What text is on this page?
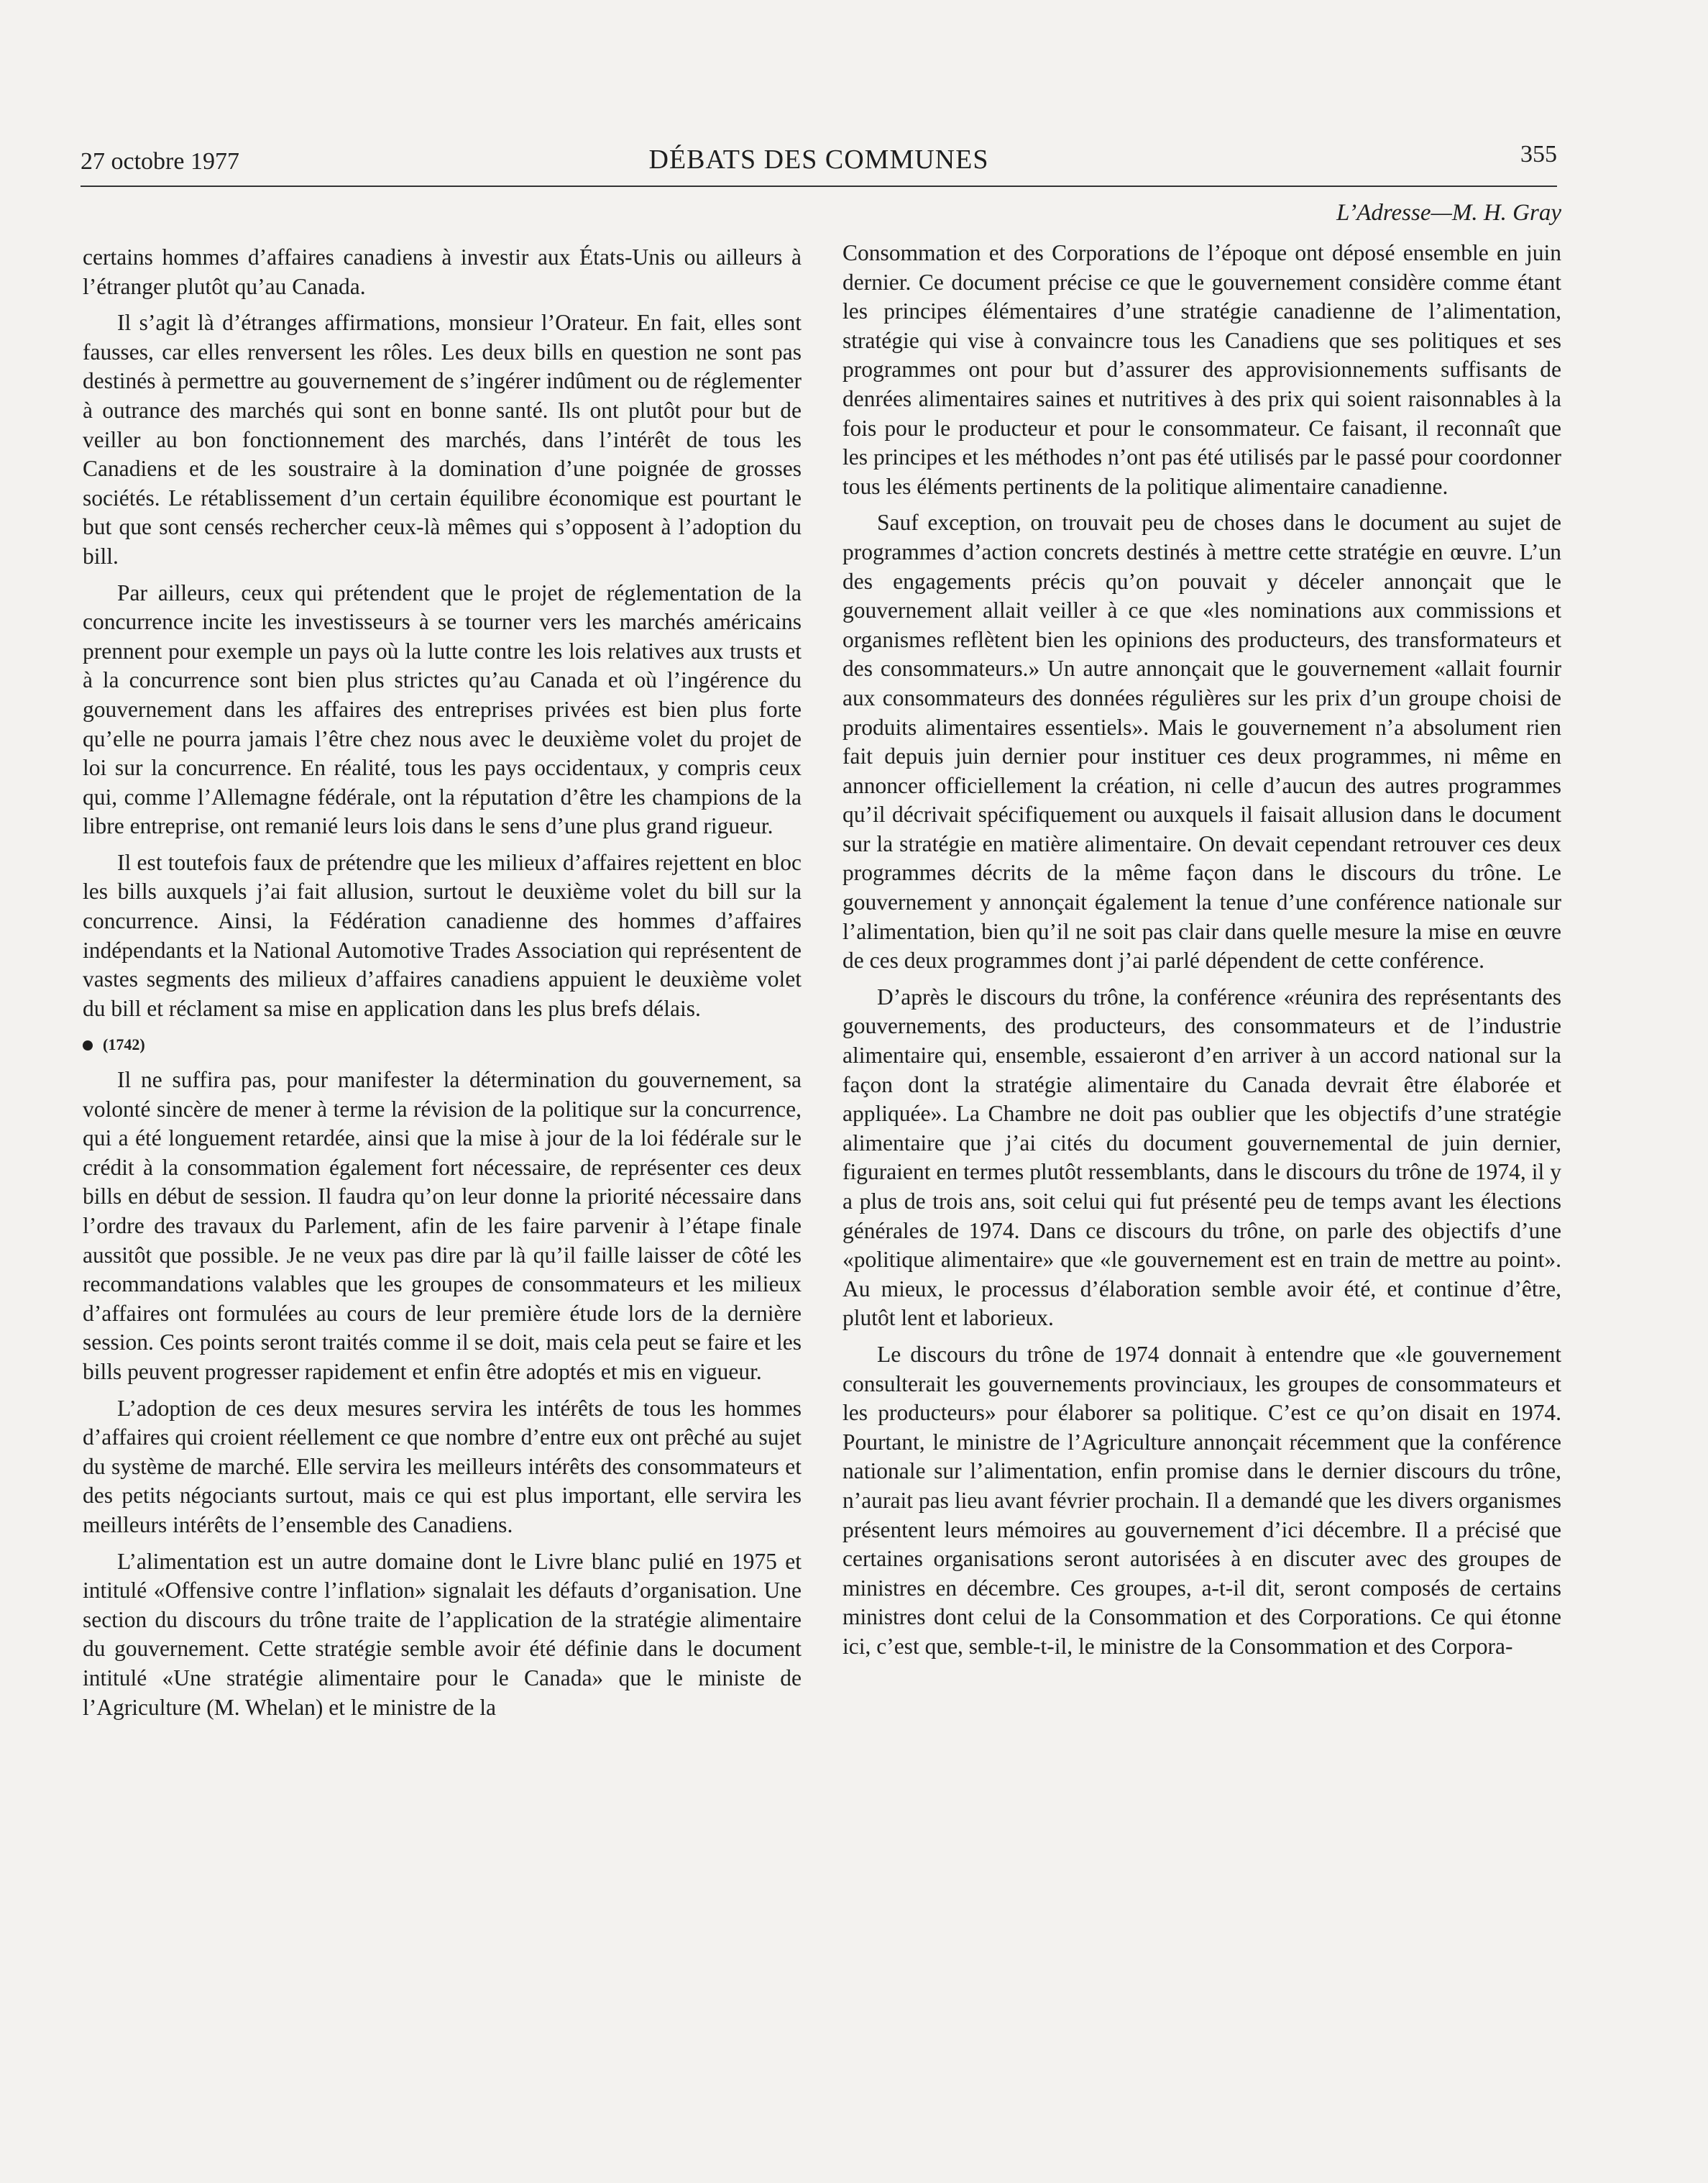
27 octobre 1977	DÉBATS DES COMMUNES	355
L’Adresse—M. H. Gray

certains hommes d’affaires canadiens à investir aux États-Unis ou ailleurs à l’étranger plutôt qu’au Canada.

Il s’agit là d’étranges affirmations, monsieur l’Orateur. En fait, elles sont fausses, car elles renversent les rôles. Les deux bills en question ne sont pas destinés à permettre au gouvernement de s’ingérer indûment ou de réglementer à outrance des marchés qui sont en bonne santé. Ils ont plutôt pour but de veiller au bon fonctionnement des marchés, dans l’intérêt de tous les Canadiens et de les soustraire à la domination d’une poignée de grosses sociétés. Le rétablissement d’un certain équilibre économique est pourtant le but que sont censés rechercher ceux-là mêmes qui s’opposent à l’adoption du bill.

Par ailleurs, ceux qui prétendent que le projet de réglementation de la concurrence incite les investisseurs à se tourner vers les marchés américains prennent pour exemple un pays où la lutte contre les lois relatives aux trusts et à la concurrence sont bien plus strictes qu’au Canada et où l’ingérence du gouvernement dans les affaires des entreprises privées est bien plus forte qu’elle ne pourra jamais l’être chez nous avec le deuxième volet du projet de loi sur la concurrence. En réalité, tous les pays occidentaux, y compris ceux qui, comme l’Allemagne fédérale, ont la réputation d’être les champions de la libre entreprise, ont remanié leurs lois dans le sens d’une plus grand rigueur.

Il est toutefois faux de prétendre que les milieux d’affaires rejettent en bloc les bills auxquels j’ai fait allusion, surtout le deuxième volet du bill sur la concurrence. Ainsi, la Fédération canadienne des hommes d’affaires indépendants et la National Automotive Trades Association qui représentent de vastes segments des milieux d’affaires canadiens appuient le deuxième volet du bill et réclament sa mise en application dans les plus brefs délais.

(1742)

Il ne suffira pas, pour manifester la détermination du gouvernement, sa volonté sincère de mener à terme la révision de la politique sur la concurrence, qui a été longuement retardée, ainsi que la mise à jour de la loi fédérale sur le crédit à la consommation également fort nécessaire, de représenter ces deux bills en début de session. Il faudra qu’on leur donne la priorité nécessaire dans l’ordre des travaux du Parlement, afin de les faire parvenir à l’étape finale aussitôt que possible. Je ne veux pas dire par là qu’il faille laisser de côté les recommandations valables que les groupes de consommateurs et les milieux d’affaires ont formulées au cours de leur première étude lors de la dernière session. Ces points seront traités comme il se doit, mais cela peut se faire et les bills peuvent progresser rapidement et enfin être adoptés et mis en vigueur.

L’adoption de ces deux mesures servira les intérêts de tous les hommes d’affaires qui croient réellement ce que nombre d’entre eux ont prêché au sujet du système de marché. Elle servira les meilleurs intérêts des consommateurs et des petits négociants surtout, mais ce qui est plus important, elle servira les meilleurs intérêts de l’ensemble des Canadiens.

L’alimentation est un autre domaine dont le Livre blanc pulié en 1975 et intitulé «Offensive contre l’inflation» signalait les défauts d’organisation. Une section du discours du trône traite de l’application de la stratégie alimentaire du gouvernement. Cette stratégie semble avoir été définie dans le document intitulé «Une stratégie alimentaire pour le Canada» que le ministe de l’Agriculture (M. Whelan) et le ministre de la

Consommation et des Corporations de l’époque ont déposé ensemble en juin dernier. Ce document précise ce que le gouvernement considère comme étant les principes élémentaires d’une stratégie canadienne de l’alimentation, stratégie qui vise à convaincre tous les Canadiens que ses politiques et ses programmes ont pour but d’assurer des approvisionnements suffisants de denrées alimentaires saines et nutritives à des prix qui soient raisonnables à la fois pour le producteur et pour le consommateur. Ce faisant, il reconnaît que les principes et les méthodes n’ont pas été utilisés par le passé pour coordonner tous les éléments pertinents de la politique alimentaire canadienne.

Sauf exception, on trouvait peu de choses dans le document au sujet de programmes d’action concrets destinés à mettre cette stratégie en œuvre. L’un des engagements précis qu’on pouvait y déceler annonçait que le gouvernement allait veiller à ce que «les nominations aux commissions et organismes reflètent bien les opinions des producteurs, des transformateurs et des consommateurs.» Un autre annonçait que le gouvernement «allait fournir aux consommateurs des données régulières sur les prix d’un groupe choisi de produits alimentaires essentiels». Mais le gouvernement n’a absolument rien fait depuis juin dernier pour instituer ces deux programmes, ni même en annoncer officiellement la création, ni celle d’aucun des autres programmes qu’il décrivait spécifiquement ou auxquels il faisait allusion dans le document sur la stratégie en matière alimentaire. On devait cependant retrouver ces deux programmes décrits de la même façon dans le discours du trône. Le gouvernement y annonçait également la tenue d’une conférence nationale sur l’alimentation, bien qu’il ne soit pas clair dans quelle mesure la mise en œuvre de ces deux programmes dont j’ai parlé dépendent de cette conférence.

D’après le discours du trône, la conférence «réunira des représentants des gouvernements, des producteurs, des consommateurs et de l’industrie alimentaire qui, ensemble, essaieront d’en arriver à un accord national sur la façon dont la stratégie alimentaire du Canada devrait être élaborée et appliquée». La Chambre ne doit pas oublier que les objectifs d’une stratégie alimentaire que j’ai cités du document gouvernemental de juin dernier, figuraient en termes plutôt ressemblants, dans le discours du trône de 1974, il y a plus de trois ans, soit celui qui fut présenté peu de temps avant les élections générales de 1974. Dans ce discours du trône, on parle des objectifs d’une «politique alimentaire» que «le gouvernement est en train de mettre au point». Au mieux, le processus d’élaboration semble avoir été, et continue d’être, plutôt lent et laborieux.

Le discours du trône de 1974 donnait à entendre que «le gouvernement consulterait les gouvernements provinciaux, les groupes de consommateurs et les producteurs» pour élaborer sa politique. C’est ce qu’on disait en 1974. Pourtant, le ministre de l’Agriculture annonçait récemment que la conférence nationale sur l’alimentation, enfin promise dans le dernier discours du trône, n’aurait pas lieu avant février prochain. Il a demandé que les divers organismes présentent leurs mémoires au gouvernement d’ici décembre. Il a précisé que certaines organisations seront autorisées à en discuter avec des groupes de ministres en décembre. Ces groupes, a-t-il dit, seront composés de certains ministres dont celui de la Consommation et des Corporations. Ce qui étonne ici, c’est que, semble-t-il, le ministre de la Consommation et des Corpora-
